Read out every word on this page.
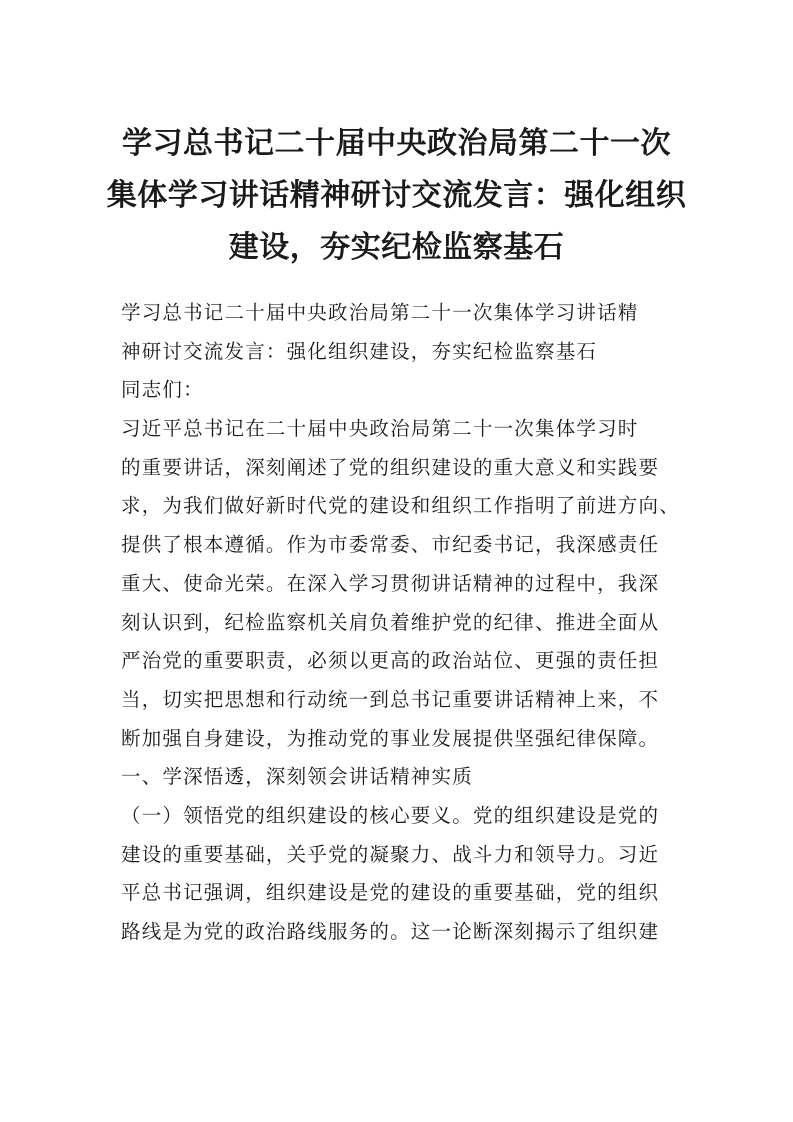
学习总书记二十届中央政治局第二十一次
集体学习讲话精神研讨交流发言：强化组织
建设，夯实纪检监察基石
学习总书记二十届中央政治局第二十一次集体学习讲话精
神研讨交流发言：强化组织建设，夯实纪检监察基石
同志们：
习近平总书记在二十届中央政治局第二十一次集体学习时
的重要讲话，深刻阐述了党的组织建设的重大意义和实践要
求，为我们做好新时代党的建设和组织工作指明了前进方向、
提供了根本遵循。作为市委常委、市纪委书记，我深感责任
重大、使命光荣。在深入学习贯彻讲话精神的过程中，我深
刻认识到，纪检监察机关肩负着维护党的纪律、推进全面从
严治党的重要职责，必须以更高的政治站位、更强的责任担
当，切实把思想和行动统一到总书记重要讲话精神上来，不
断加强自身建设，为推动党的事业发展提供坚强纪律保障。
一、学深悟透，深刻领会讲话精神实质
（一）领悟党的组织建设的核心要义。党的组织建设是党的
建设的重要基础，关乎党的凝聚力、战斗力和领导力。习近
平总书记强调，组织建设是党的建设的重要基础，党的组织
路线是为党的政治路线服务的。这一论断深刻揭示了组织建
